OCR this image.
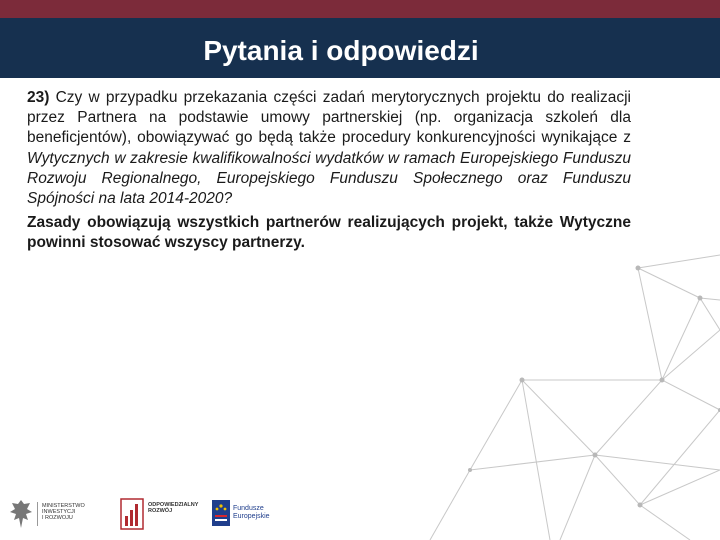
Pytania i odpowiedzi

23) Czy w przypadku przekazania części zadań merytorycznych projektu do realizacji przez Partnera na podstawie umowy partnerskiej (np. organizacja szkoleń dla beneficjentów), obowiązywać go będą także procedury konkurencyjności wynikające z Wytycznych w zakresie kwalifikowalności wydatków w ramach Europejskiego Funduszu Rozwoju Regionalnego, Europejskiego Funduszu Społecznego oraz Funduszu Spójności na lata 2014-2020?

Zasady obowiązują wszystkich partnerów realizujących projekt, także Wytyczne powinni stosować wszyscy partnerzy.

MINISTERSTWO
INWESTYCJI
I ROZWOJU
ODPOWIEDZIALNY
ROZWÓJ	Fundusze
Europejskie
